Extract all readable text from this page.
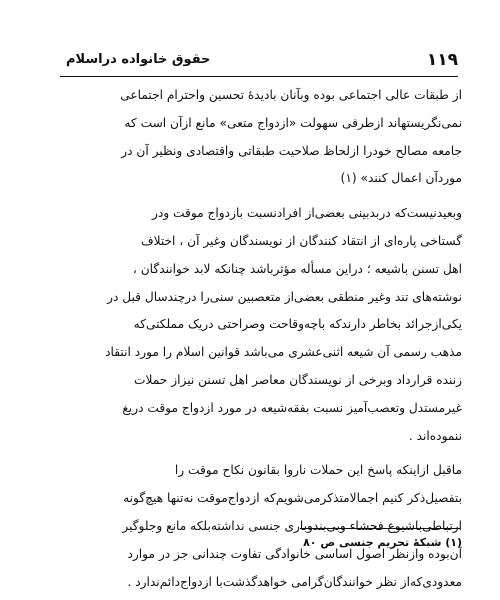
۱۱۹
حقوق خانواده دراسلام

از طبقات عالی اجتماعی بوده وبآنان بادیدهٔ تحسین واحترام اجتماعی
نمی‌نگریستهاند ازطرفی سهولت «ازدواج متعی» مانع ازآن است که
جامعه مصالح خودرا ازلحاظ صلاحیت طبقاتی واقتصادی ونظیر آن در
موردآن اعمال کنند» (۱)

وبعیدنیست‌که دربدبینی بعضی‌از افرادنسبت بازدواج موقت ودر
گستاخی پاره‌ای از انتقاد کنندگان از نویسندگان وغیر آن ، اختلاف
اهل تسنن باشیعه ؛ دراین مسأله مؤثرباشد چنانکه لابد خوانندگان ،
نوشته‌های تند وغیر منطقی بعضی‌از متعصبین سنی‌را درچندسال قبل در
یکی‌ازجرائد بخاطر دارندکه باچه‌وقاحت وصراحتی دریک مملکتی‌که
مذهب رسمی آن شیعه اثنی‌عشری می‌باشد قوانین اسلام را مورد انتقاد
زننده قرارداد وبرخی از نویسندگان معاصر اهل تسنن نیزاز حملات
غیرمستدل وتعصب‌آمیز نسبت بفقه‌شیعه در مورد ازدواج موقت دریغ
ننموده‌اند .

ماقبل ازاینکه پاسخ این حملات ناروا بقانون نکاح موقت را
بتفصیل‌ذکر کنیم اجمالامتذکرمی‌شویم‌که ازدواج‌موقت نه‌تنها هیچ‌گونه
ارتباطی‌باشیوع فحشاء وبی‌بندوباری جنسی نداشته‌بلکه مانع وجلوگیر
آن‌بوده وازنظر اصول اساسی خانوادگی تفاوت چندانی جز در موارد
معدودی‌که‌از نظر خوانندگان‌گرامی خواهدگذشت‌با ازدواج‌دائم‌ندارد .

(۱) شبکهٔ تحریم جنسی ص ۸۰
